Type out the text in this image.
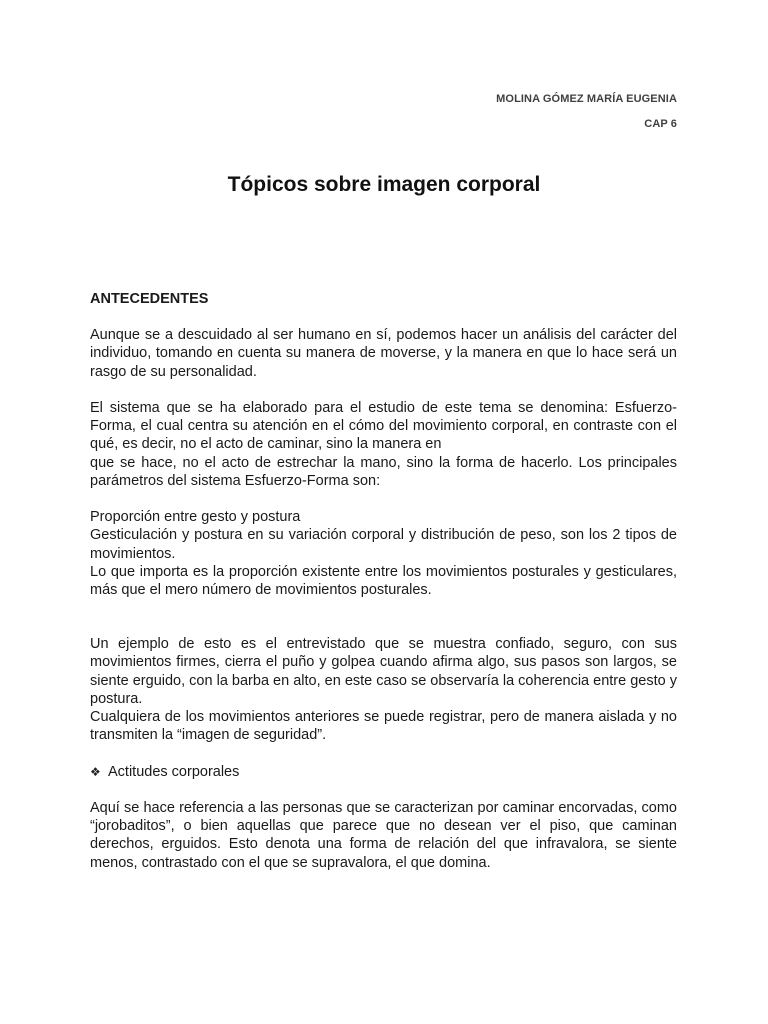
MOLINA GÓMEZ MARÍA EUGENIA
CAP 6
Tópicos sobre imagen corporal

ANTECEDENTES

Aunque se a descuidado al ser humano en sí, podemos hacer un análisis del carácter del individuo, tomando en cuenta su manera de moverse, y la manera en que lo hace será un rasgo de su personalidad.

El sistema que se ha elaborado para el estudio de este tema se denomina: Esfuerzo-Forma, el cual centra su atención en el cómo del movimiento corporal, en contraste con el qué, es decir, no el acto de caminar, sino la manera en

que se hace, no el acto de estrechar la mano, sino la forma de hacerlo. Los principales parámetros del sistema Esfuerzo-Forma son:

Proporción entre gesto y postura

Gesticulación y postura en su variación corporal y distribución de peso, son los 2 tipos de movimientos.

Lo que importa es la proporción existente entre los movimientos posturales y gesticulares, más que el mero número de movimientos posturales.

Un ejemplo de esto es el entrevistado que se muestra confiado, seguro, con sus movimientos firmes, cierra el puño y golpea cuando afirma algo, sus pasos son largos, se siente erguido, con la barba en alto, en este caso se observaría la coherencia entre gesto y postura.

Cualquiera de los movimientos anteriores se puede registrar, pero de manera aislada y no transmiten la “imagen de seguridad”.

❖ Actitudes corporales

Aquí se hace referencia a las personas que se caracterizan por caminar encorvadas, como “jorobaditos”, o bien aquellas que parece que no desean ver el piso, que caminan derechos, erguidos. Esto denota una forma de relación del que infravalora, se siente menos, contrastado con el que se supravalora, el que domina.
